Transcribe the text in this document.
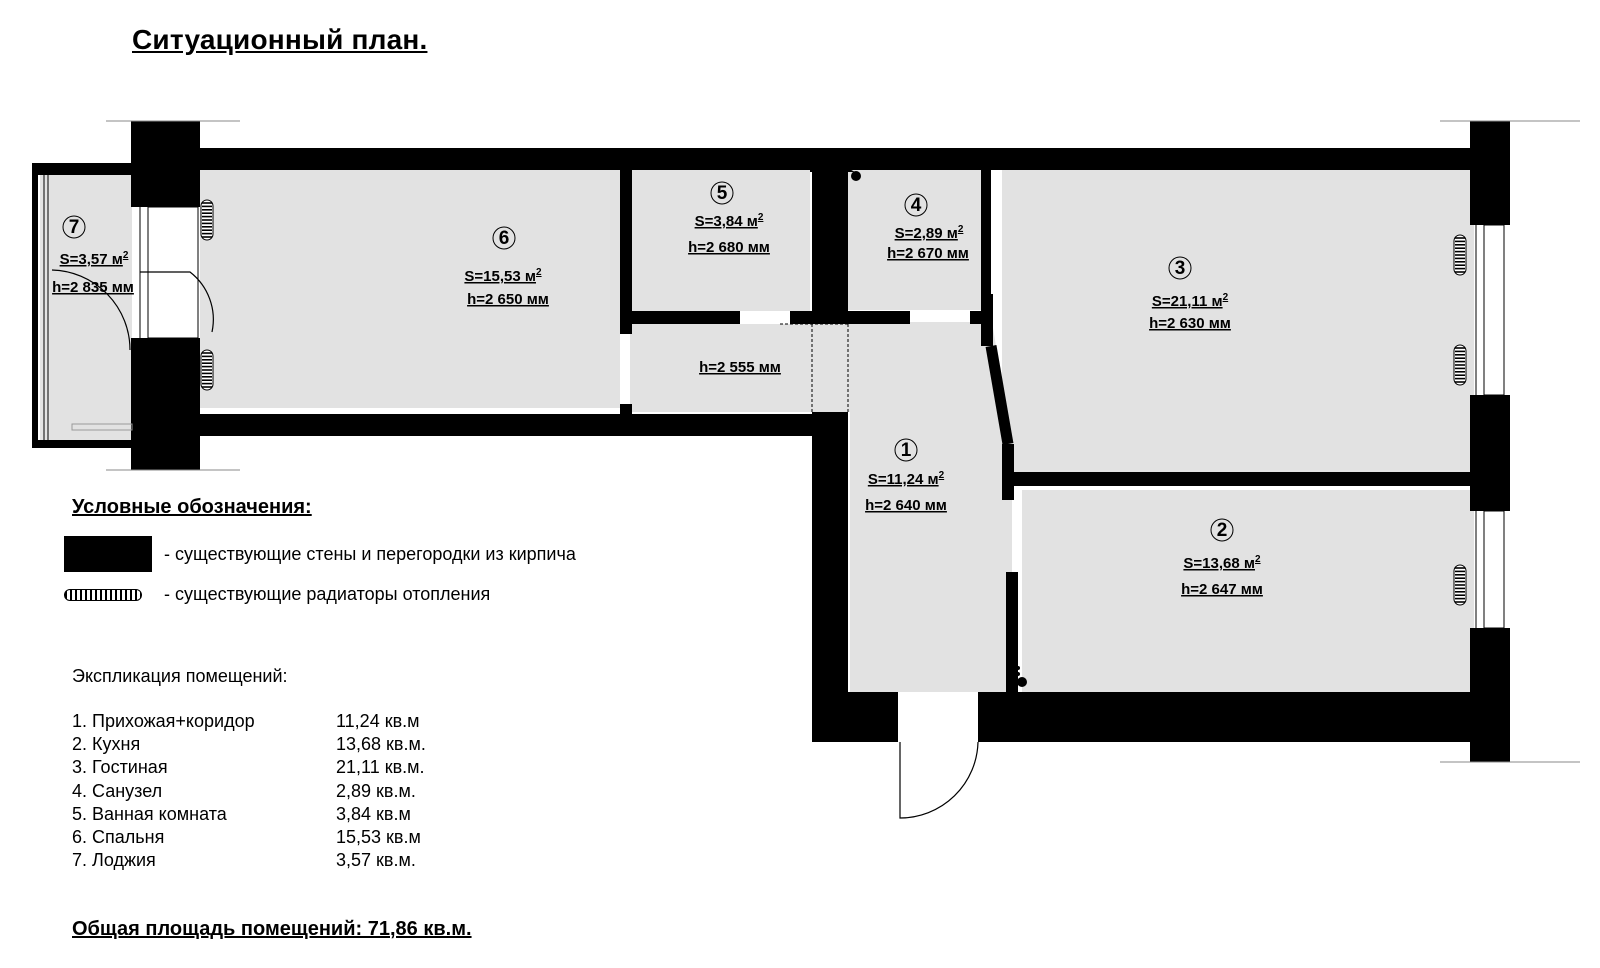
Ситуационный план.
1
S=11,24 $м^2$
h=2 640 мм
2
S=13,68 $м^2$
h=2 647 мм
3
S=21,11 $м^2$
h=2 630 мм
4
S=2,89 $м^2$
h=2 670 мм
5
S=3,84 $м^2$
h=2 680 мм
6
S=15,53 $м^2$
h=2 650 мм
7
S=3,57 $м^2$
h=2 835 мм
h=2 555 мм
Условные обозначения:
- существующие стены и перегородки из кирпича
- существующие радиаторы отопления
Экспликация помещений:
1. Прихожая+коридор	11,24 кв.м
2. Кухня	13,68 кв.м.
3. Гостиная	21,11 кв.м.
4. Санузел	2,89 кв.м.
5. Ванная комната	3,84 кв.м
6. Спальня	15,53 кв.м
7. Лоджия	3,57 кв.м.
Общая площадь помещений: 71,86 кв.м.
